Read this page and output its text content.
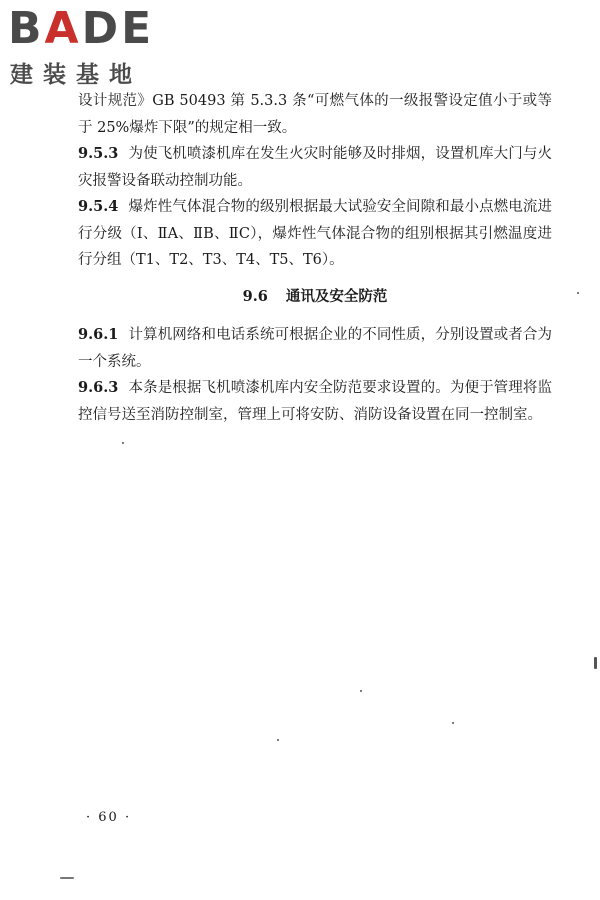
BADE
建装基地

设计规范》GB 50493 第 5.3.3 条“可燃气体的一级报警设定值小于或等于 25%爆炸下限”的规定相一致。

9.5.3 为使飞机喷漆机库在发生火灾时能够及时排烟，设置机库大门与火灾报警设备联动控制功能。

9.5.4 爆炸性气体混合物的级别根据最大试验安全间隙和最小点燃电流进行分级（Ⅰ、ⅡA、ⅡB、ⅡC），爆炸性气体混合物的组别根据其引燃温度进行分组（T1、T2、T3、T4、T5、T6）。

9.6 通讯及安全防范

9.6.1 计算机网络和电话系统可根据企业的不同性质，分别设置或者合为一个系统。

9.6.3 本条是根据飞机喷漆机库内安全防范要求设置的。为便于管理将监控信号送至消防控制室，管理上可将安防、消防设备设置在同一控制室。

· 60 ·
